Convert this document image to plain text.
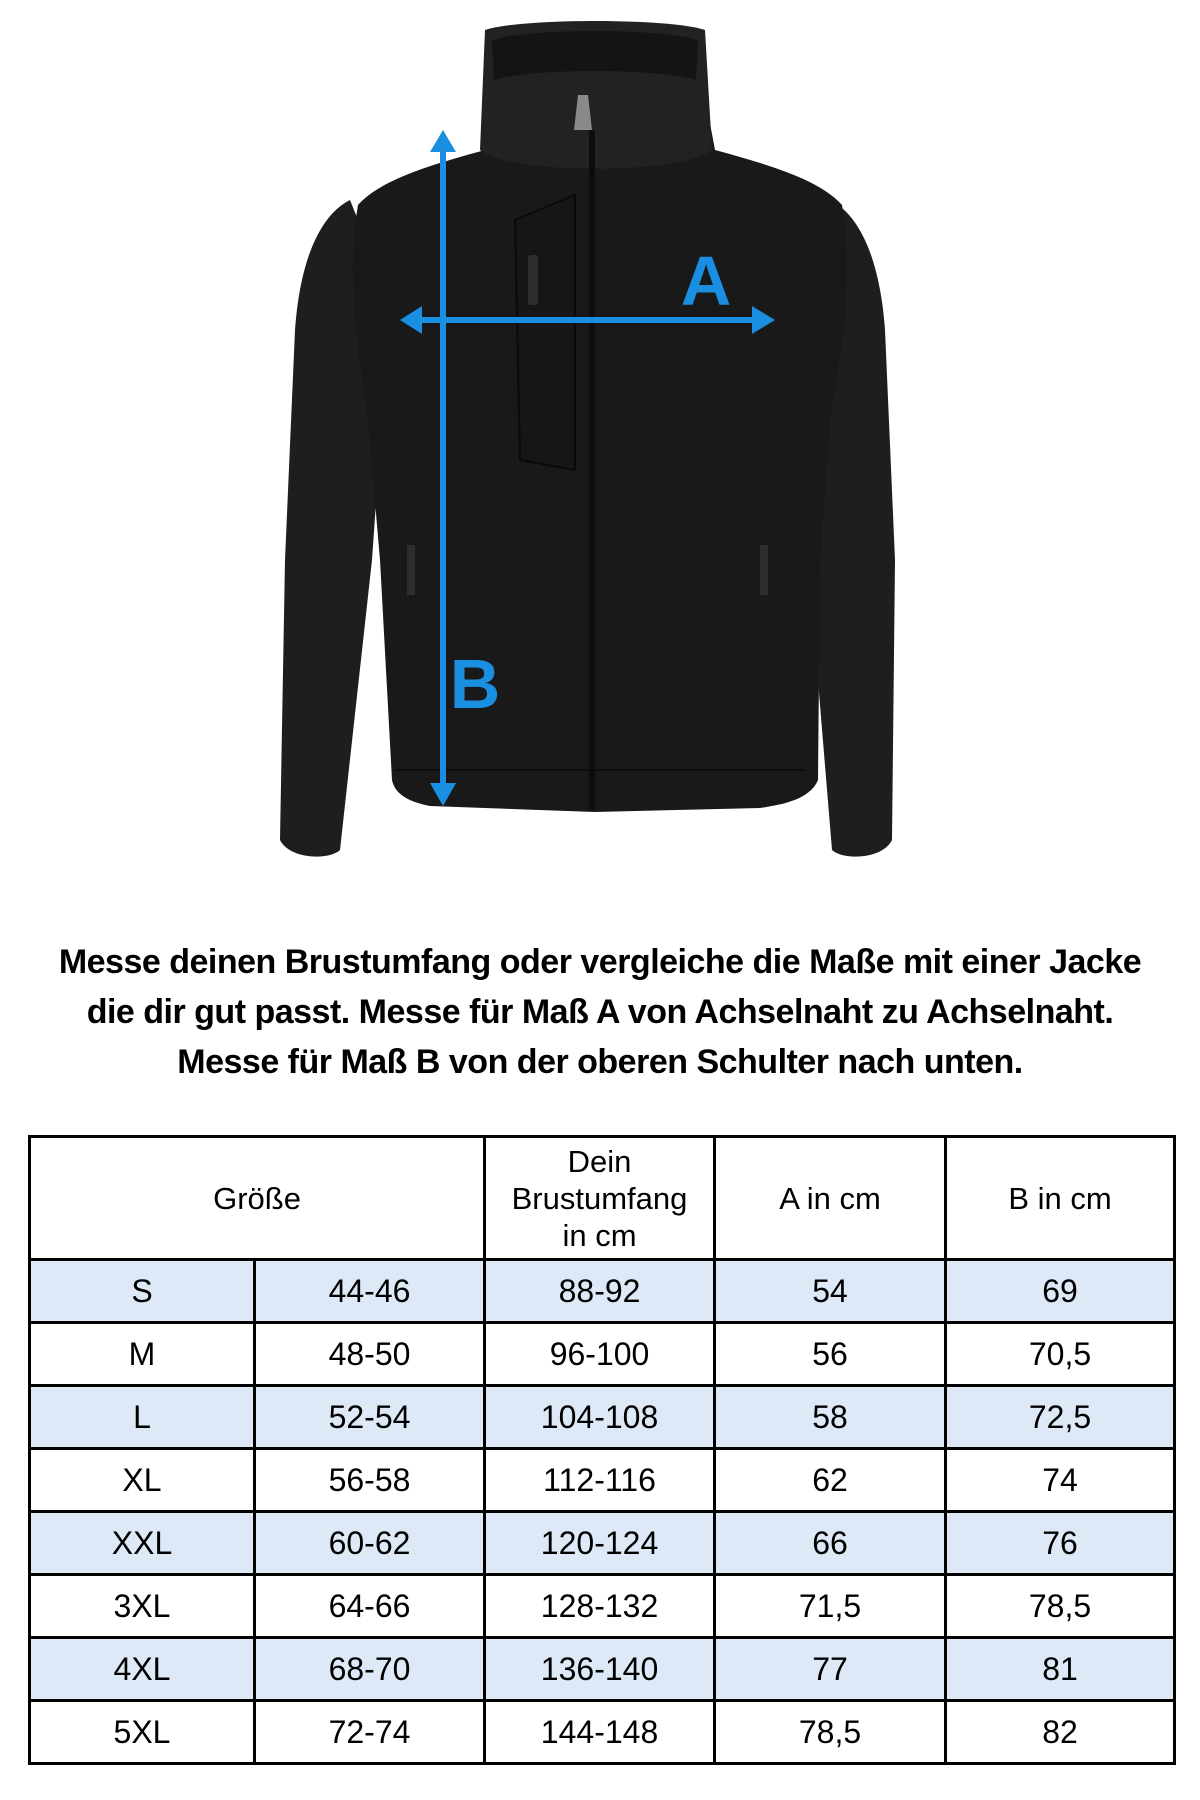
A
B

Messe deinen Brustumfang oder vergleiche die Maße mit einer Jacke die dir gut passt. Messe für Maß A von Achselnaht zu Achselnaht. Messe für Maß B von der oberen Schulter nach unten.

Größe		Dein Brustumfang in cm	A in cm	B in cm
S	44-46	88-92	54	69
M	48-50	96-100	56	70,5
L	52-54	104-108	58	72,5
XL	56-58	112-116	62	74
XXL	60-62	120-124	66	76
3XL	64-66	128-132	71,5	78,5
4XL	68-70	136-140	77	81
5XL	72-74	144-148	78,5	82
